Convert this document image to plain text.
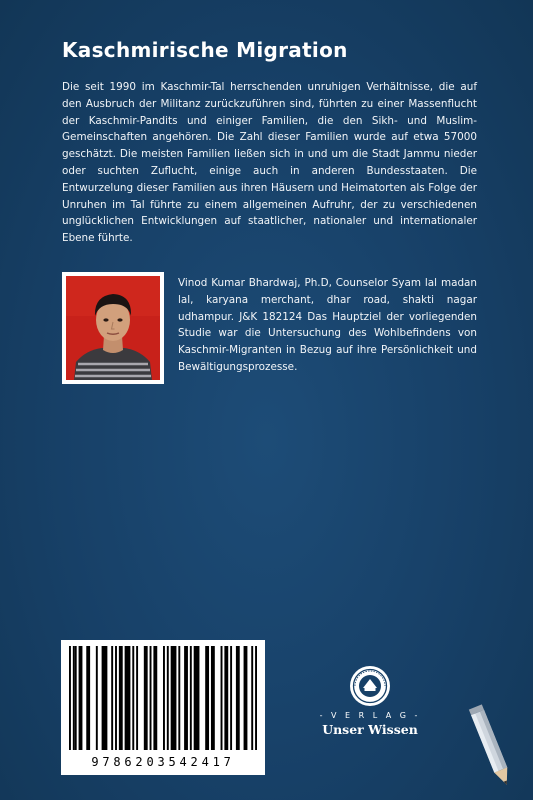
Kaschmirische Migration
Die seit 1990 im Kaschmir-Tal herrschenden unruhigen Verhältnisse, die auf den Ausbruch der Militanz zurückzuführen sind, führten zu einer Massenflucht der Kaschmir-Pandits und einiger Familien, die den Sikh- und Muslim-Gemeinschaften angehören. Die Zahl dieser Familien wurde auf etwa 57000 geschätzt. Die meisten Familien ließen sich in und um die Stadt Jammu nieder oder suchten Zuflucht, einige auch in anderen Bundesstaaten. Die Entwurzelung dieser Familien aus ihren Häusern und Heimatorten als Folge der Unruhen im Tal führte zu einem allgemeinen Aufruhr, der zu verschiedenen unglücklichen Entwicklungen auf staatlicher, nationaler und internationaler Ebene führte.
Vinod Kumar Bhardwaj, Ph.D, Counselor Syam lal madan lal, karyana merchant, dhar road, shakti nagar udhampur. J&K 182124 Das Hauptziel der vorliegenden Studie war die Untersuchung des Wohlbefindens von Kaschmir-Migranten in Bezug auf ihre Persönlichkeit und Bewältigungsprozesse.
9786203542417
- V E R L A G -
Unser Wissen
